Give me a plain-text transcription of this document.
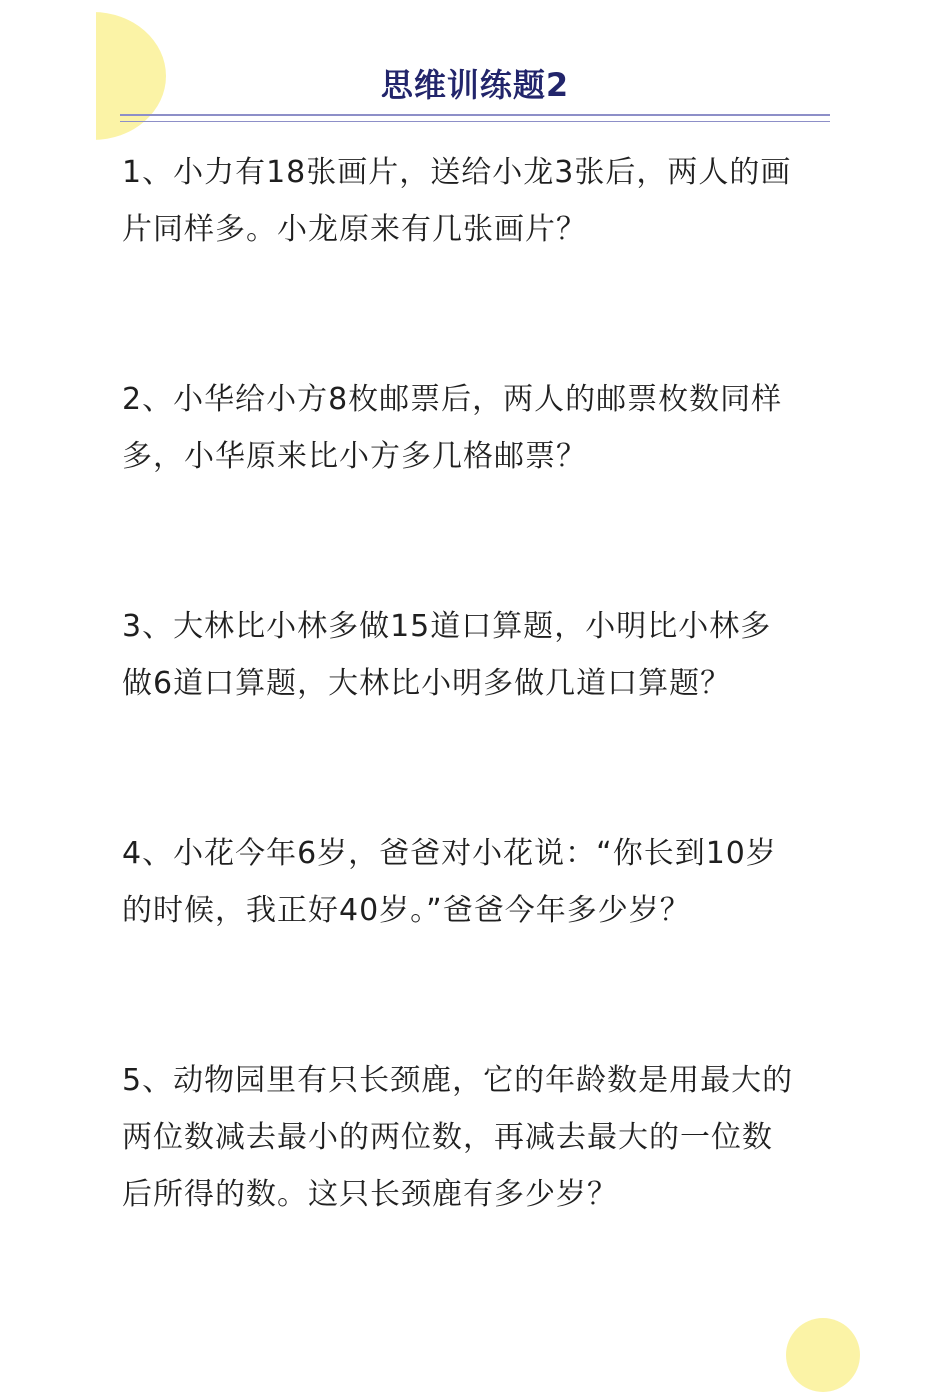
思维训练题2
1、小力有18张画片，送给小龙3张后，两人的画
片同样多。小龙原来有几张画片？
2、小华给小方8枚邮票后，两人的邮票枚数同样
多，小华原来比小方多几格邮票？
3、大林比小林多做15道口算题，小明比小林多
做6道口算题，大林比小明多做几道口算题？
4、小花今年6岁，爸爸对小花说：“你长到10岁
的时候，我正好40岁。”爸爸今年多少岁？
5、动物园里有只长颈鹿，它的年龄数是用最大的
两位数减去最小的两位数，再减去最大的一位数
后所得的数。这只长颈鹿有多少岁？
